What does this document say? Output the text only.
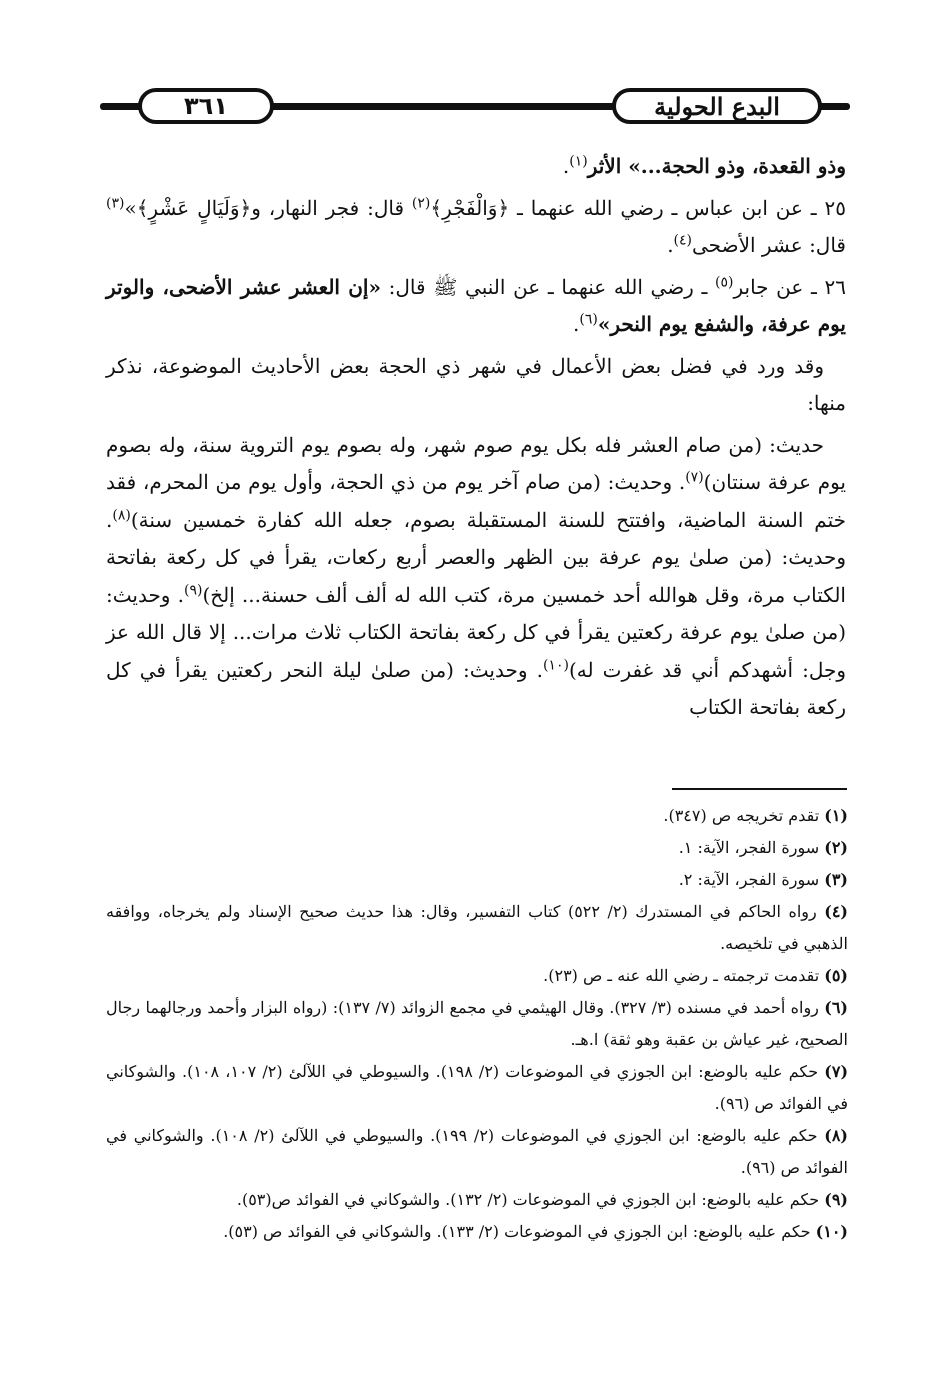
٣٦١	البدع الحولية

وذو القعدة، وذو الحجة...» الأثر$^{(١)}$.

٢٥ ـ عن ابن عباس ـ رضي الله عنهما ـ ﴿وَالْفَجْرِ﴾$^{(٢)}$ قال: فجر النهار، و﴿وَلَيَالٍ عَشْرٍ﴾»$^{(٣)}$ قال: عشر الأضحى$^{(٤)}$.

٢٦ ـ عن جابر$^{(٥)}$ ـ رضي الله عنهما ـ عن النبي ﷺ قال: «إن العشر عشر الأضحى، والوتر يوم عرفة، والشفع يوم النحر»$^{(٦)}$.

وقد ورد في فضل بعض الأعمال في شهر ذي الحجة بعض الأحاديث الموضوعة، نذكر منها:

حديث: (من صام العشر فله بكل يوم صوم شهر، وله بصوم يوم التروية سنة، وله بصوم يوم عرفة سنتان)$^{(٧)}$. وحديث: (من صام آخر يوم من ذي الحجة، وأول يوم من المحرم، فقد ختم السنة الماضية، وافتتح للسنة المستقبلة بصوم، جعله الله كفارة خمسين سنة)$^{(٨)}$. وحديث: (من صلىٰ يوم عرفة بين الظهر والعصر أربع ركعات، يقرأ في كل ركعة بفاتحة الكتاب مرة، وقل هوالله أحد خمسين مرة، كتب الله له ألف ألف حسنة... إلخ)$^{(٩)}$. وحديث: (من صلىٰ يوم عرفة ركعتين يقرأ في كل ركعة بفاتحة الكتاب ثلاث مرات... إلا قال الله عز وجل: أشهدكم أني قد غفرت له)$^{(١٠)}$. وحديث: (من صلىٰ ليلة النحر ركعتين يقرأ في كل ركعة بفاتحة الكتاب

(١) تقدم تخريجه ص (٣٤٧).

(٢) سورة الفجر، الآية: ١.

(٣) سورة الفجر، الآية: ٢.

(٤) رواه الحاكم في المستدرك (٢/ ٥٢٢) كتاب التفسير، وقال: هذا حديث صحيح الإسناد ولم يخرجاه، ووافقه الذهبي في تلخيصه.

(٥) تقدمت ترجمته ـ رضي الله عنه ـ ص (٢٣).

(٦) رواه أحمد في مسنده (٣/ ٣٢٧). وقال الهيثمي في مجمع الزوائد (٧/ ١٣٧): (رواه البزار وأحمد ورجالهما رجال الصحيح، غير عياش بن عقبة وهو ثقة) ا.هـ.

(٧) حكم عليه بالوضع: ابن الجوزي في الموضوعات (٢/ ١٩٨). والسيوطي في اللآلئ (٢/ ١٠٧، ١٠٨). والشوكاني في الفوائد ص (٩٦).

(٨) حكم عليه بالوضع: ابن الجوزي في الموضوعات (٢/ ١٩٩). والسيوطي في اللآلئ (٢/ ١٠٨). والشوكاني في الفوائد ص (٩٦).

(٩) حكم عليه بالوضع: ابن الجوزي في الموضوعات (٢/ ١٣٢). والشوكاني في الفوائد ص(٥٣).

(١٠) حكم عليه بالوضع: ابن الجوزي في الموضوعات (٢/ ١٣٣). والشوكاني في الفوائد ص (٥٣).
